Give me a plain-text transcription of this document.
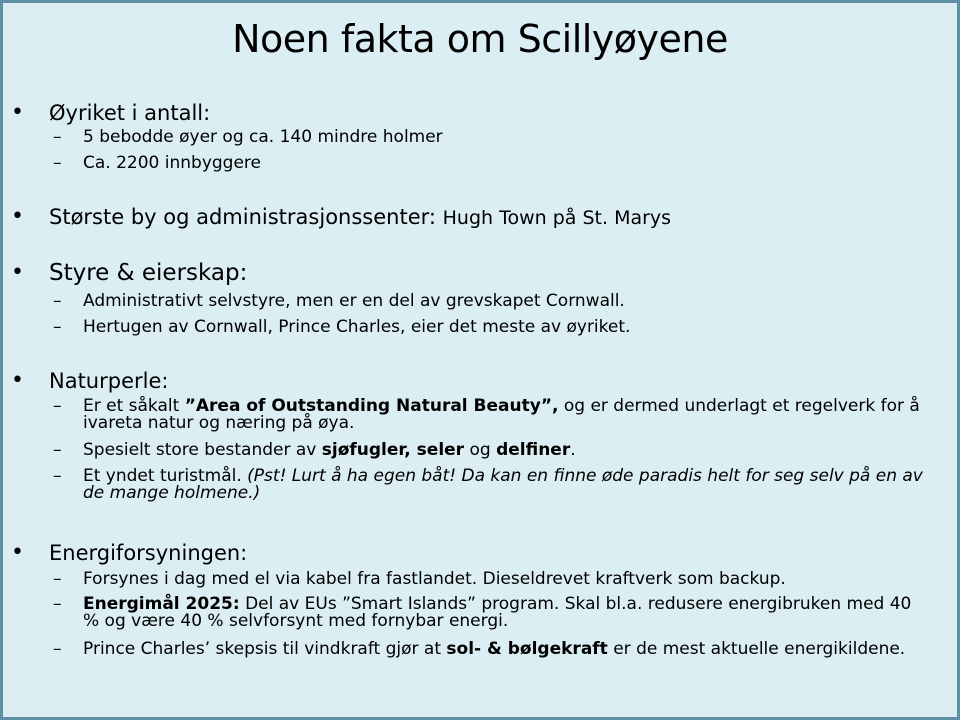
Noen fakta om Scillyøyene
• Øyriket i antall:
– 5 bebodde øyer og ca. 140 mindre holmer
– Ca. 2200 innbyggere
• Største by og administrasjonssenter: Hugh Town på St. Marys
• Styre & eierskap:
– Administrativt selvstyre, men er en del av grevskapet Cornwall.
– Hertugen av Cornwall, Prince Charles, eier det meste av øyriket.
• Naturperle:
– Er et såkalt ”Area of Outstanding Natural Beauty”, og er dermed underlagt et regelverk for å ivareta natur og næring på øya.
– Spesielt store bestander av sjøfugler, seler og delfiner.
– Et yndet turistmål. (Pst! Lurt å ha egen båt! Da kan en finne øde paradis helt for seg selv på en av de mange holmene.)
• Energiforsyningen:
– Forsynes i dag med el via kabel fra fastlandet. Dieseldrevet kraftverk som backup.
– Energimål 2025: Del av EUs ”Smart Islands” program. Skal bl.a. redusere energibruken med 40 % og være 40 % selvforsynt med fornybar energi.
– Prince Charles’ skepsis til vindkraft gjør at sol- & bølgekraft er de mest aktuelle energikildene.
